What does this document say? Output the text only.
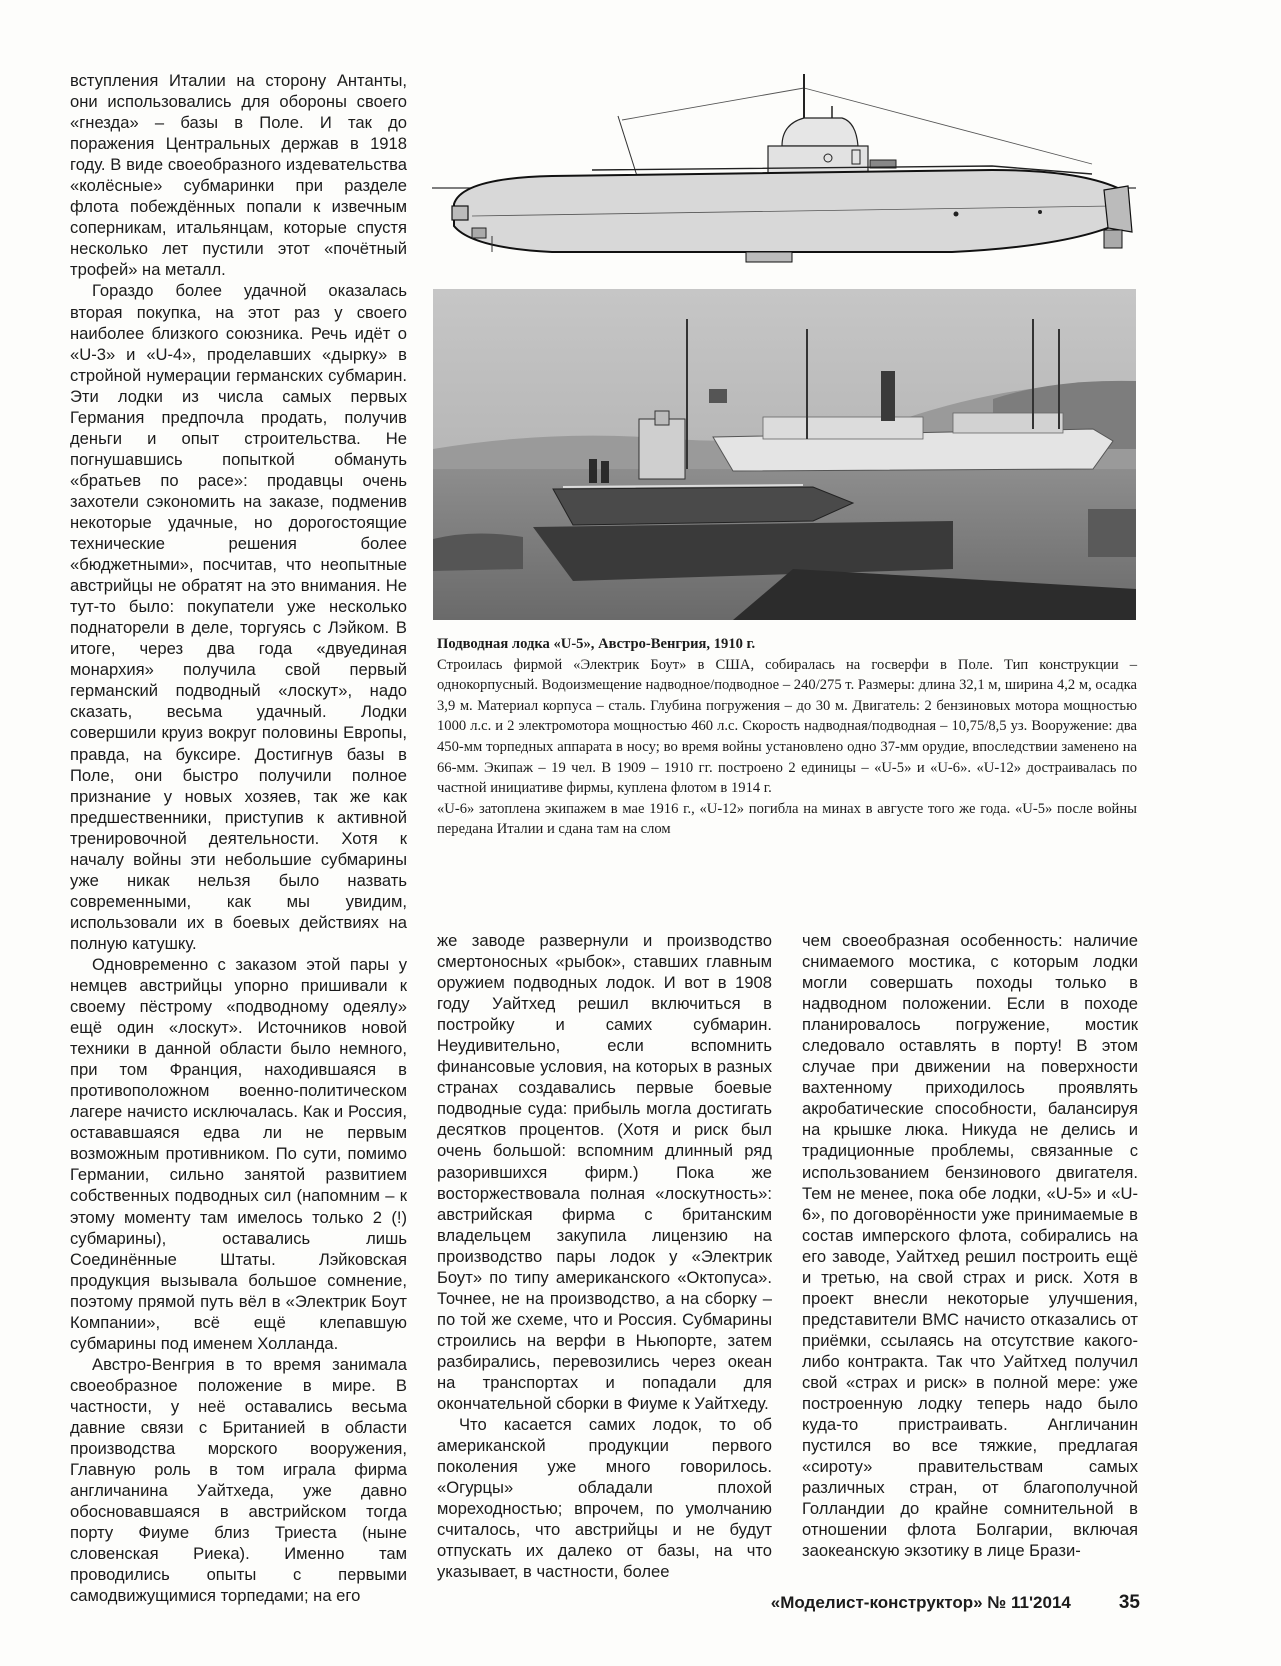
вступления Италии на сторону Антанты, они использовались для обороны своего «гнезда» – базы в Поле. И так до поражения Центральных держав в 1918 году. В виде своеобразного издевательства «колёсные» субмаринки при разделе флота побеждённых попали к извечным соперникам, итальянцам, которые спустя несколько лет пустили этот «почётный трофей» на металл.

Гораздо более удачной оказалась вторая покупка, на этот раз у своего наиболее близкого союзника. Речь идёт о «U-3» и «U-4», проделавших «дырку» в стройной нумерации германских субмарин. Эти лодки из числа самых первых Германия предпочла продать, получив деньги и опыт строительства. Не погнушавшись попыткой обмануть «братьев по расе»: продавцы очень захотели сэкономить на заказе, подменив некоторые удачные, но дорогостоящие технические решения более «бюджетными», посчитав, что неопытные австрийцы не обратят на это внимания. Не тут-то было: покупатели уже несколько поднаторели в деле, торгуясь с Лэйком. В итоге, через два года «двуединая монархия» получила свой первый германский подводный «лоскут», надо сказать, весьма удачный. Лодки совершили круиз вокруг половины Европы, правда, на буксире. Достигнув базы в Поле, они быстро получили полное признание у новых хозяев, так же как предшественники, приступив к активной тренировочной деятельности. Хотя к началу войны эти небольшие субмарины уже никак нельзя было назвать современными, как мы увидим, использовали их в боевых действиях на полную катушку.

Одновременно с заказом этой пары у немцев австрийцы упорно пришивали к своему пёстрому «подводному одеялу» ещё один «лоскут». Источников новой техники в данной области было немного, при том Франция, находившаяся в противоположном военно-политическом лагере начисто исключалась. Как и Россия, остававшаяся едва ли не первым возможным противником. По сути, помимо Германии, сильно занятой развитием собственных подводных сил (напомним – к этому моменту там имелось только 2 (!) субмарины), оставались лишь Соединённые Штаты. Лэйковская продукция вызывала большое сомнение, поэтому прямой путь вёл в «Электрик Боут Компании», всё ещё клепавшую субмарины под именем Холланда.

Австро-Венгрия в то время занимала своеобразное положение в мире. В частности, у неё оставались весьма давние связи с Британией в области производства морского вооружения, Главную роль в том играла фирма англичанина Уайтхеда, уже давно обосновавшаяся в австрийском тогда порту Фиуме близ Триеста (ныне словенская Риека). Именно там проводились опыты с первыми самодвижущимися торпедами; на его

Подводная лодка «U-5», Австро-Венгрия, 1910 г.

Строилась фирмой «Электрик Боут» в США, собиралась на госверфи в Поле. Тип конструкции – однокорпусный. Водоизмещение надводное/подводное – 240/275 т. Размеры: длина 32,1 м, ширина 4,2 м, осадка 3,9 м. Материал корпуса – сталь. Глубина погружения – до 30 м. Двигатель: 2 бензиновых мотора мощностью 1000 л.с. и 2 электромотора мощностью 460 л.с. Скорость надводная/подводная – 10,75/8,5 уз. Вооружение: два 450-мм торпедных аппарата в носу; во время войны установлено одно 37-мм орудие, впоследствии заменено на 66-мм. Экипаж – 19 чел. В 1909 – 1910 гг. построено 2 единицы – «U-5» и «U-6». «U-12» достраивалась по частной инициативе фирмы, куплена флотом в 1914 г.

«U-6» затоплена экипажем в мае 1916 г., «U-12» погибла на минах в августе того же года. «U-5» после войны передана Италии и сдана там на слом

же заводе развернули и производство смертоносных «рыбок», ставших главным оружием подводных лодок. И вот в 1908 году Уайтхед решил включиться в постройку и самих субмарин. Неудивительно, если вспомнить финансовые условия, на которых в разных странах создавались первые боевые подводные суда: прибыль могла достигать десятков процентов. (Хотя и риск был очень большой: вспомним длинный ряд разорившихся фирм.) Пока же восторжествовала полная «лоскутность»: австрийская фирма с британским владельцем закупила лицензию на производство пары лодок у «Электрик Боут» по типу американского «Октопуса». Точнее, не на производство, а на сборку – по той же схеме, что и Россия. Субмарины строились на верфи в Ньюпорте, затем разбирались, перевозились через океан на транспортах и попадали для окончательной сборки в Фиуме к Уайтхеду.

Что касается самих лодок, то об американской продукции первого поколения уже много говорилось. «Огурцы» обладали плохой мореходностью; впрочем, по умолчанию считалось, что австрийцы и не будут отпускать их далеко от базы, на что указывает, в частности, более

чем своеобразная особенность: наличие снимаемого мостика, с которым лодки могли совершать походы только в надводном положении. Если в походе планировалось погружение, мостик следовало оставлять в порту! В этом случае при движении на поверхности вахтенному приходилось проявлять акробатические способности, балансируя на крышке люка. Никуда не делись и традиционные проблемы, связанные с использованием бензинового двигателя. Тем не менее, пока обе лодки, «U-5» и «U-6», по договорённости уже принимаемые в состав имперского флота, собирались на его заводе, Уайтхед решил построить ещё и третью, на свой страх и риск. Хотя в проект внесли некоторые улучшения, представители ВМС начисто отказались от приёмки, ссылаясь на отсутствие какого-либо контракта. Так что Уайтхед получил свой «страх и риск» в полной мере: уже построенную лодку теперь надо было куда-то пристраивать. Англичанин пустился во все тяжкие, предлагая «сироту» правительствам самых различных стран, от благополучной Голландии до крайне сомнительной в отношении флота Болгарии, включая заокеанскую экзотику в лице Брази-

«Моделист-конструктор» № 11'2014	35
